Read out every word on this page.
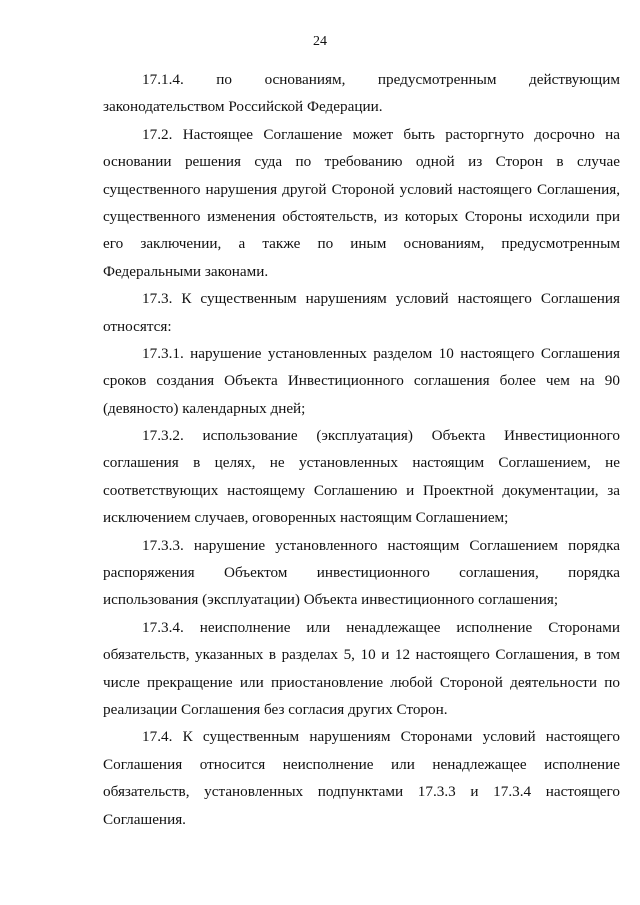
24
17.1.4. по основаниям, предусмотренным действующим
законодательством Российской Федерации.
17.2. Настоящее Соглашение может быть расторгнуто досрочно на
основании решения суда по требованию одной из Сторон в случае
существенного нарушения другой Стороной условий настоящего Соглашения,
существенного изменения обстоятельств, из которых Стороны исходили при
его заключении, а также по иным основаниям, предусмотренным
Федеральными законами.
17.3. К существенным нарушениям условий настоящего Соглашения
относятся:
17.3.1. нарушение установленных разделом 10 настоящего Соглашения
сроков создания Объекта Инвестиционного соглашения более чем на 90
(девяносто) календарных дней;
17.3.2. использование (эксплуатация) Объекта Инвестиционного
соглашения в целях, не установленных настоящим Соглашением, не
соответствующих настоящему Соглашению и Проектной документации, за
исключением случаев, оговоренных настоящим Соглашением;
17.3.3. нарушение установленного настоящим Соглашением порядка
распоряжения Объектом инвестиционного соглашения, порядка
использования (эксплуатации) Объекта инвестиционного соглашения;
17.3.4. неисполнение или ненадлежащее исполнение Сторонами
обязательств, указанных в разделах 5, 10 и 12 настоящего Соглашения, в том
числе прекращение или приостановление любой Стороной деятельности по
реализации Соглашения без согласия других Сторон.
17.4. К существенным нарушениям Сторонами условий настоящего
Соглашения относится неисполнение или ненадлежащее исполнение
обязательств, установленных подпунктами 17.3.3 и 17.3.4 настоящего
Соглашения.
